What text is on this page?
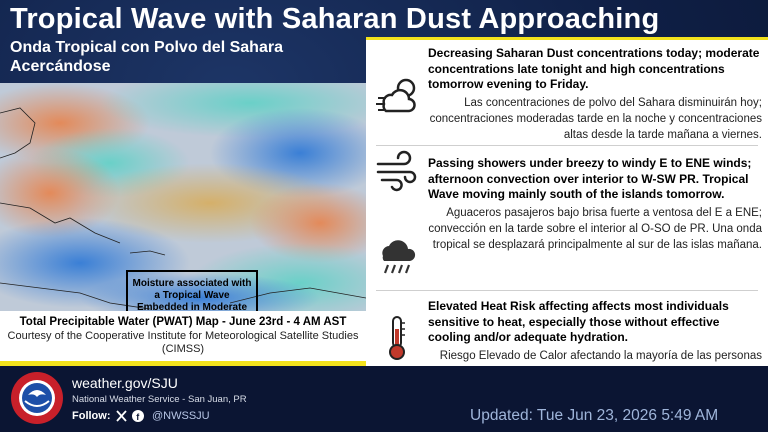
Tropical Wave with Saharan Dust Approaching
Onda Tropical con Polvo del Sahara Acercándose
Moisture associated with a Tropical Wave Embedded in Moderate
Total Precipitable Water (PWAT) Map - June 23rd - 4 AM AST
Courtesy of the Cooperative Institute for Meteorological Satellite Studies (CIMSS)
Decreasing Saharan Dust concentrations today; moderate concentrations late tonight and high concentrations tomorrow evening to Friday.
Las concentraciones de polvo del Sahara disminuirán hoy; concentraciones moderadas tarde en la noche y concentraciones altas desde la tarde mañana a viernes.
Passing showers under breezy to windy E to ENE winds; afternoon convection over interior to W-SW PR. Tropical Wave moving mainly south of the islands tomorrow.
Aguaceros pasajeros bajo brisa fuerte a ventosa del E a ENE; convección en la tarde sobre el interior al O-SO de PR. Una onda tropical se desplazará principalmente al sur de las islas mañana.
Elevated Heat Risk affecting affects most individuals sensitive to heat, especially those without effective cooling and/or adequate hydration.
Riesgo Elevado de Calor afectando la mayoría de las personas
weather.gov/SJU
National Weather Service - San Juan, PR
Follow:	f @NWSSJU	Updated: Tue Jun 23, 2026 5:49 AM
